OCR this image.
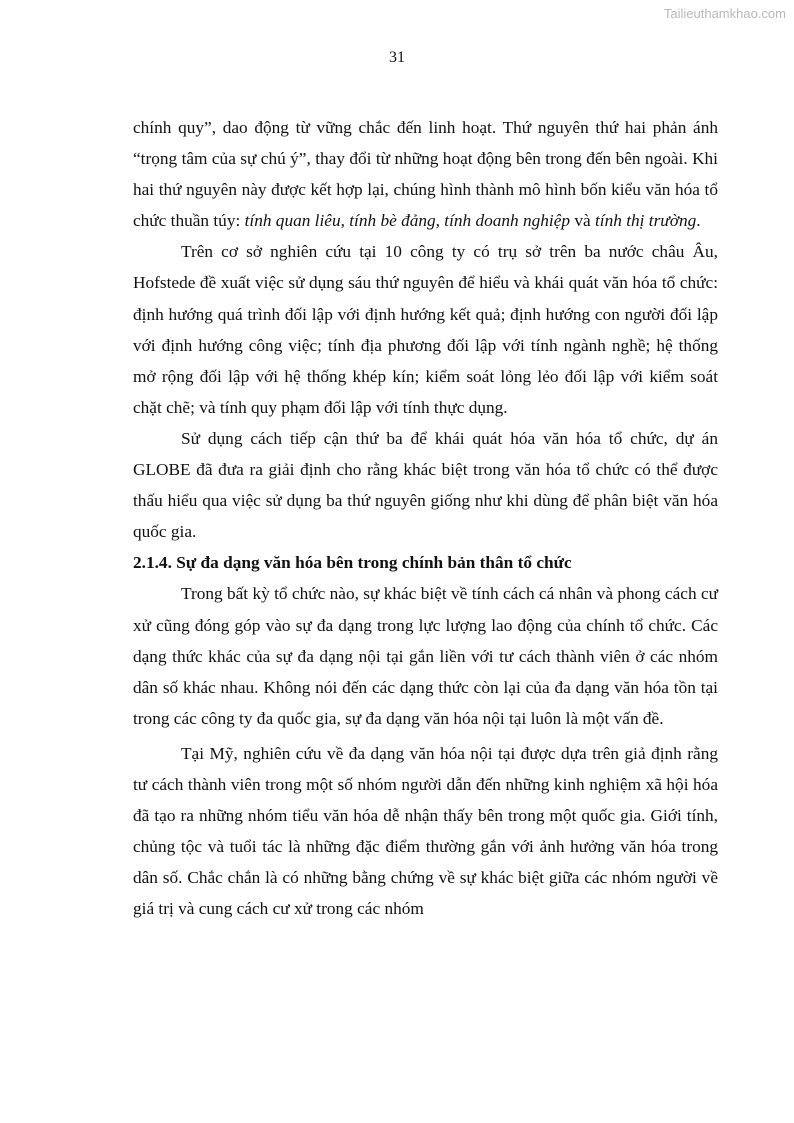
Tailieuthamkhao.com
31

chính quy”, dao động từ vững chắc đến linh hoạt. Thứ nguyên thứ hai phản ánh “trọng tâm của sự chú ý”, thay đổi từ những hoạt động bên trong đến bên ngoài. Khi hai thứ nguyên này được kết hợp lại, chúng hình thành mô hình bốn kiểu văn hóa tổ chức thuần túy: tính quan liêu, tính bè đảng, tính doanh nghiệp và tính thị trường.

Trên cơ sở nghiên cứu tại 10 công ty có trụ sở trên ba nước châu Âu, Hofstede đề xuất việc sử dụng sáu thứ nguyên để hiểu và khái quát văn hóa tổ chức: định hướng quá trình đối lập với định hướng kết quả; định hướng con người đối lập với định hướng công việc; tính địa phương đối lập với tính ngành nghề; hệ thống mở rộng đối lập với hệ thống khép kín; kiểm soát lỏng lẻo đối lập với kiểm soát chặt chẽ; và tính quy phạm đối lập với tính thực dụng.

Sử dụng cách tiếp cận thứ ba để khái quát hóa văn hóa tổ chức, dự án GLOBE đã đưa ra giải định cho rằng khác biệt trong văn hóa tổ chức có thể được thấu hiểu qua việc sử dụng ba thứ nguyên giống như khi dùng để phân biệt văn hóa quốc gia.

2.1.4. Sự đa dạng văn hóa bên trong chính bản thân tổ chức

Trong bất kỳ tổ chức nào, sự khác biệt về tính cách cá nhân và phong cách cư xử cũng đóng góp vào sự đa dạng trong lực lượng lao động của chính tổ chức. Các dạng thức khác của sự đa dạng nội tại gắn liền với tư cách thành viên ở các nhóm dân số khác nhau. Không nói đến các dạng thức còn lại của đa dạng văn hóa tồn tại trong các công ty đa quốc gia, sự đa dạng văn hóa nội tại luôn là một vấn đề.

Tại Mỹ, nghiên cứu về đa dạng văn hóa nội tại được dựa trên giả định rằng tư cách thành viên trong một số nhóm người dẫn đến những kinh nghiệm xã hội hóa đã tạo ra những nhóm tiểu văn hóa dễ nhận thấy bên trong một quốc gia. Giới tính, chủng tộc và tuổi tác là những đặc điểm thường gắn với ảnh hưởng văn hóa trong dân số. Chắc chắn là có những bằng chứng về sự khác biệt giữa các nhóm người về giá trị và cung cách cư xử trong các nhóm
